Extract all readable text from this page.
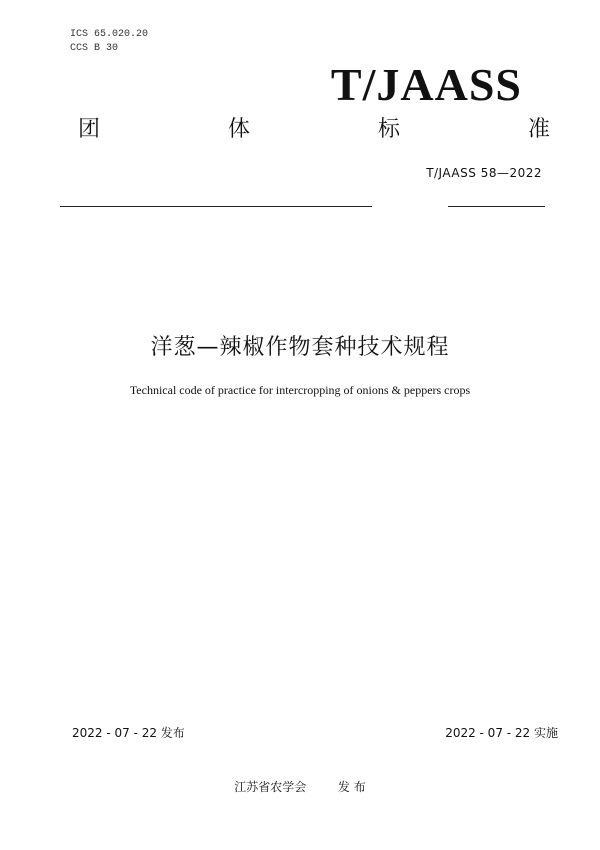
ICS 65.020.20
CCS B 30
T/JAASS
团	体	标	准
T/JAASS 58—2022
洋葱—辣椒作物套种技术规程
Technical code of practice for intercropping of onions & peppers crops
2022 - 07 - 22 发布	2022 - 07 - 22 实施
江苏省农学会	发 布
